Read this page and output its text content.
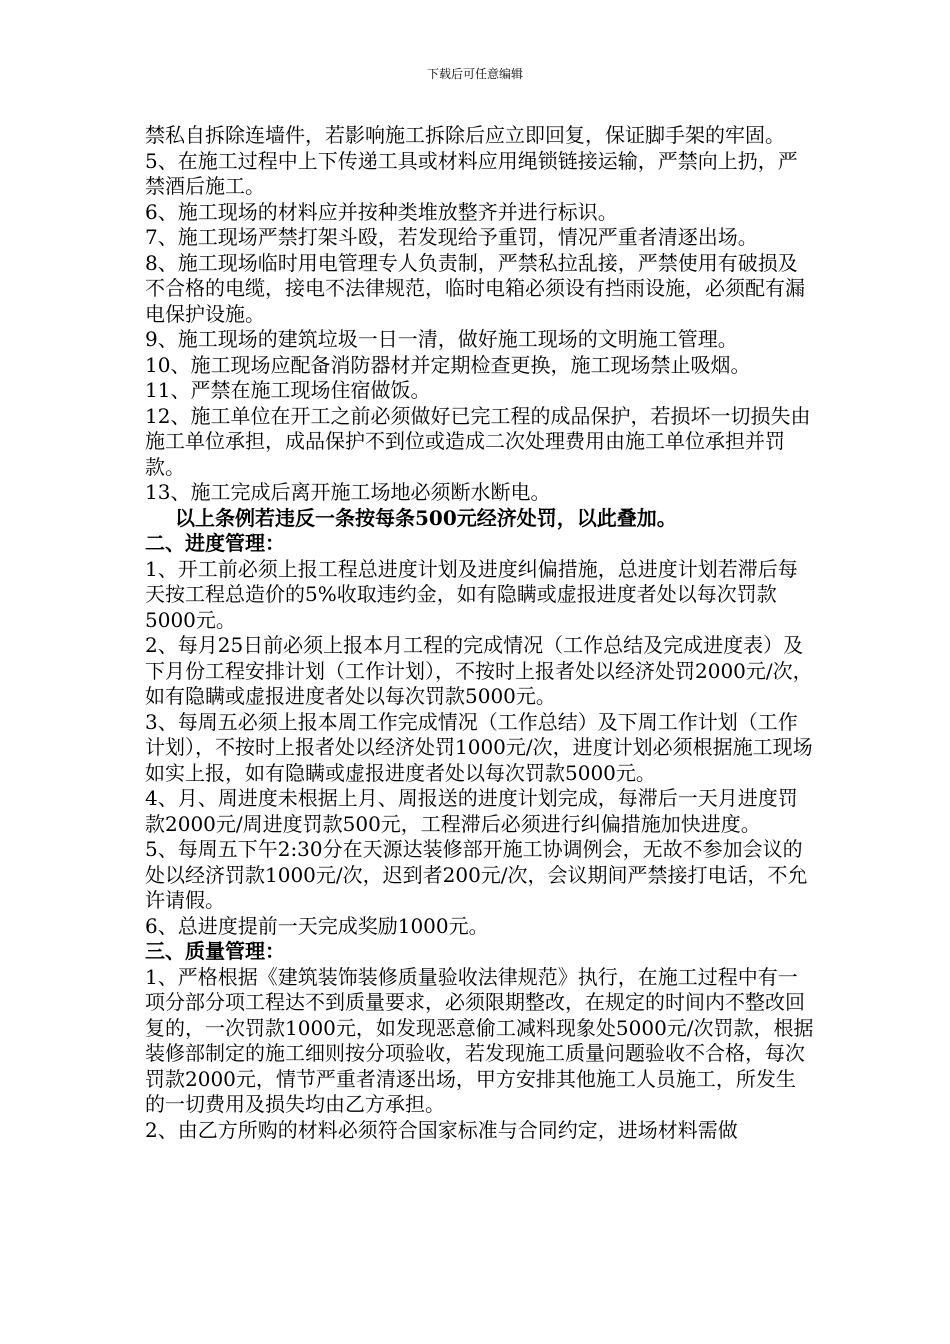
下载后可任意编辑

禁私自拆除连墙件，若影响施工拆除后应立即回复，保证脚手架的牢固。

5、在施工过程中上下传递工具或材料应用绳锁链接运输，严禁向上扔，严禁酒后施工。

6、施工现场的材料应并按种类堆放整齐并进行标识。

7、施工现场严禁打架斗殴，若发现给予重罚，情况严重者清逐出场。

8、施工现场临时用电管理专人负责制，严禁私拉乱接，严禁使用有破损及不合格的电缆，接电不法律规范，临时电箱必须设有挡雨设施，必须配有漏电保护设施。

9、施工现场的建筑垃圾一日一清，做好施工现场的文明施工管理。

10、施工现场应配备消防器材并定期检查更换，施工现场禁止吸烟。

11、严禁在施工现场住宿做饭。

12、施工单位在开工之前必须做好已完工程的成品保护，若损坏一切损失由施工单位承担，成品保护不到位或造成二次处理费用由施工单位承担并罚款。

13、施工完成后离开施工场地必须断水断电。

以上条例若违反一条按每条500元经济处罚，以此叠加。

二、进度管理：

1、开工前必须上报工程总进度计划及进度纠偏措施，总进度计划若滞后每天按工程总造价的5%收取违约金，如有隐瞒或虚报进度者处以每次罚款5000元。

2、每月25日前必须上报本月工程的完成情况（工作总结及完成进度表）及下月份工程安排计划（工作计划），不按时上报者处以经济处罚2000元/次，如有隐瞒或虚报进度者处以每次罚款5000元。

3、每周五必须上报本周工作完成情况（工作总结）及下周工作计划（工作计划），不按时上报者处以经济处罚1000元/次，进度计划必须根据施工现场如实上报，如有隐瞒或虚报进度者处以每次罚款5000元。

4、月、周进度未根据上月、周报送的进度计划完成，每滞后一天月进度罚款2000元/周进度罚款500元，工程滞后必须进行纠偏措施加快进度。

5、每周五下午2:30分在天源达装修部开施工协调例会，无故不参加会议的处以经济罚款1000元/次，迟到者200元/次，会议期间严禁接打电话，不允许请假。

6、总进度提前一天完成奖励1000元。

三、质量管理：

1、严格根据《建筑装饰装修质量验收法律规范》执行，在施工过程中有一项分部分项工程达不到质量要求，必须限期整改，在规定的时间内不整改回复的，一次罚款1000元，如发现恶意偷工减料现象处5000元/次罚款，根据装修部制定的施工细则按分项验收，若发现施工质量问题验收不合格，每次罚款2000元，情节严重者清逐出场，甲方安排其他施工人员施工，所发生的一切费用及损失均由乙方承担。

2、由乙方所购的材料必须符合国家标准与合同约定，进场材料需做
